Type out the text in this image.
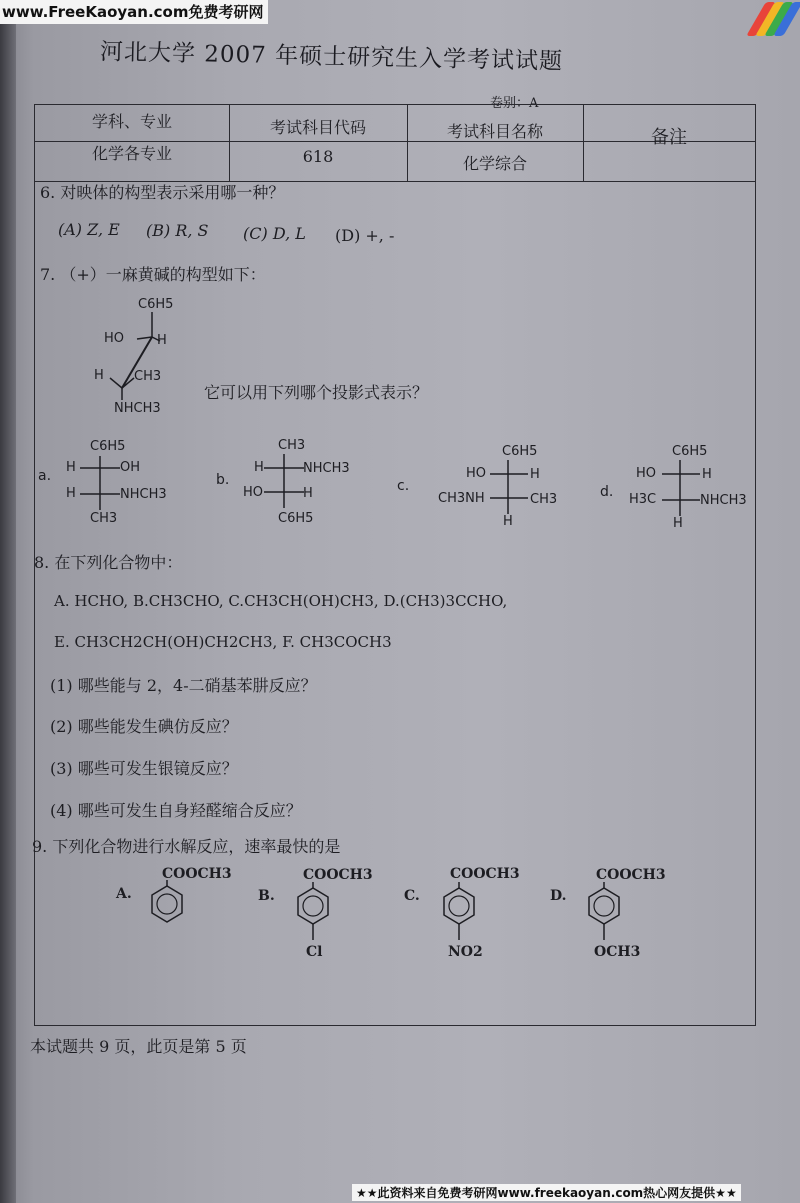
www.FreeKaoyan.com免费考研网
河北大学 2007 年硕士研究生入学考试试题
卷别：A
学科、专业	考试科目代码	考试科目名称	备注
化学各专业	618	化学综合
6. 对映体的构型表示采用哪一种？
(A) Z, E (B) R, S (C) D, L (D) +, -
7. （+）一麻黄碱的构型如下：
C6H5
HO	H
H CH3
NHCH3
它可以用下列哪个投影式表示？
a.
C6H5
H	OH
H	NHCH3
CH3
b.
CH3
H	NHCH3
HO	H
C6H5
c.
C6H5
HO	H
CH3NH	CH3
H
d.
C6H5
HO	H
H3C	NHCH3
H
8. 在下列化合物中：
A. HCHO, B.CH3CHO, C.CH3CH(OH)CH3, D.(CH3)3CCHO,
E. CH3CH2CH(OH)CH2CH3, F. CH3COCH3
(1) 哪些能与 2，4-二硝基苯肼反应？
(2) 哪些能发生碘仿反应？
(3) 哪些可发生银镜反应？
(4) 哪些可发生自身羟醛缩合反应？
9. 下列化合物进行水解反应，速率最快的是
A.
COOCH3
B.
COOCH3
Cl
C.
COOCH3
NO2
D.
COOCH3
OCH3
本试题共 9 页，此页是第 5 页
★★此资料来自免费考研网www.freekaoyan.com热心网友提供★★
